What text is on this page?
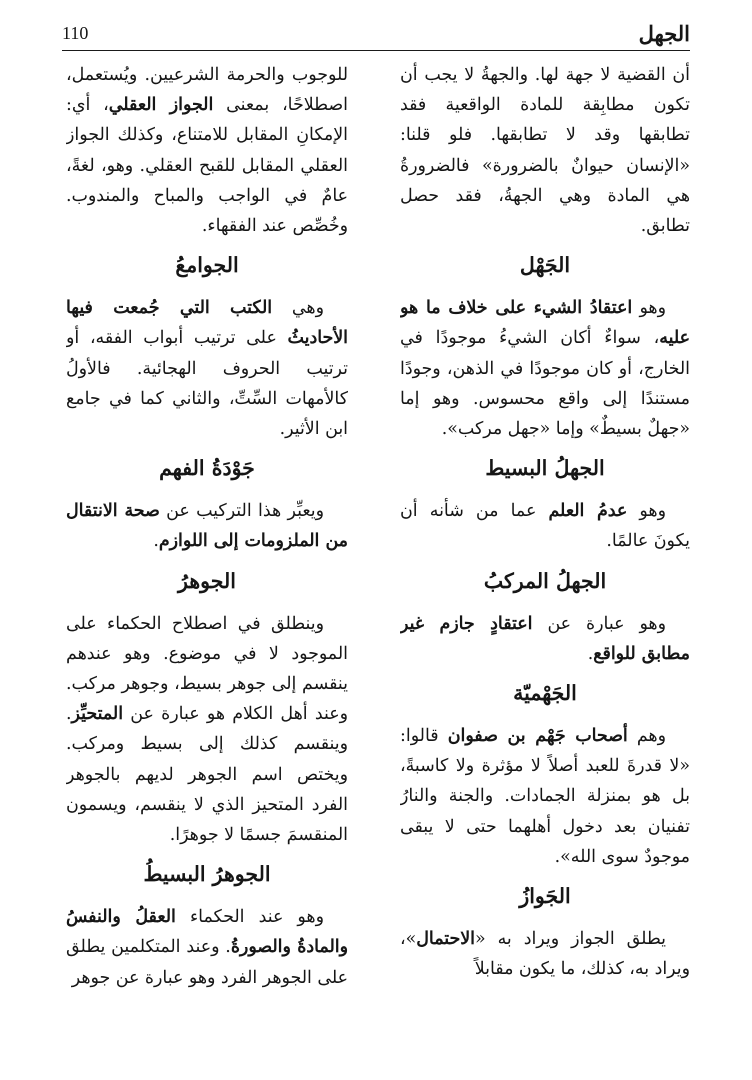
الجهل
110

أن القضية لا جهة لها. والجهةُ لا يجب أن تكون مطابِقة للمادة الواقعية فقد تطابقها وقد لا تطابقها. فلو قلنا: «الإنسان حيوانٌ بالضرورة» فالضرورةُ هي المادة وهي الجهةُ، فقد حصل تطابق.

الجَهْل

وهو اعتقادُ الشيء على خلاف ما هو عليه، سواءٌ أكان الشيءُ موجودًا في الخارج، أو كان موجودًا في الذهن، وجودًا مستندًا إلى واقع محسوس. وهو إما «جهلٌ بسيطٌ» وإما «جهل مركب».

الجهلُ البسيط

وهو عدمُ العلم عما من شأنه أن يكونَ عالمًا.

الجهلُ المركبُ

وهو عبارة عن اعتقادٍ جازم غير مطابق للواقع.

الجَهْميّة

وهم أصحاب جَهْم بن صفوان قالوا: «لا قدرةَ للعبد أصلاً لا مؤثرة ولا كاسبةً، بل هو بمنزلة الجمادات. والجنة والنارُ تفنيان بعد دخول أهلهما حتى لا يبقى موجودٌ سوى الله».

الجَوازُ

يطلق الجواز ويراد به «الاحتمال»، ويراد به، كذلك، ما يكون مقابلاً

للوجوب والحرمة الشرعيين. ويُستعمل، اصطلاحًا، بمعنى الجواز العقلي، أي: الإمكانِ المقابل للامتناع، وكذلك الجواز العقلي المقابل للقبح العقلي. وهو، لغةً، عامٌ في الواجب والمباح والمندوب. وخُصِّص عند الفقهاء.

الجوامعُ

وهي الكتب التي جُمعت فيها الأحاديثُ على ترتيب أبواب الفقه، أو ترتيب الحروف الهجائية. فالأولُ كالأمهات السِّتِّ، والثاني كما في جامع ابن الأثير.

جَوْدَةُ الفهم

ويعبِّر هذا التركيب عن صحة الانتقال من الملزومات إلى اللوازم.

الجوهرُ

وينطلق في اصطلاح الحكماء على الموجود لا في موضوع. وهو عندهم ينقسم إلى جوهر بسيط، وجوهر مركب. وعند أهل الكلام هو عبارة عن المتحيِّز. وينقسم كذلك إلى بسيط ومركب. ويختص اسم الجوهر لديهم بالجوهر الفرد المتحيز الذي لا ينقسم، ويسمون المنقسمَ جسمًا لا جوهرًا.

الجوهرُ البسيطُ

وهو عند الحكماء العقلُ والنفسُ والمادةُ والصورةُ. وعند المتكلمين يطلق على الجوهر الفرد وهو عبارة عن جوهر
